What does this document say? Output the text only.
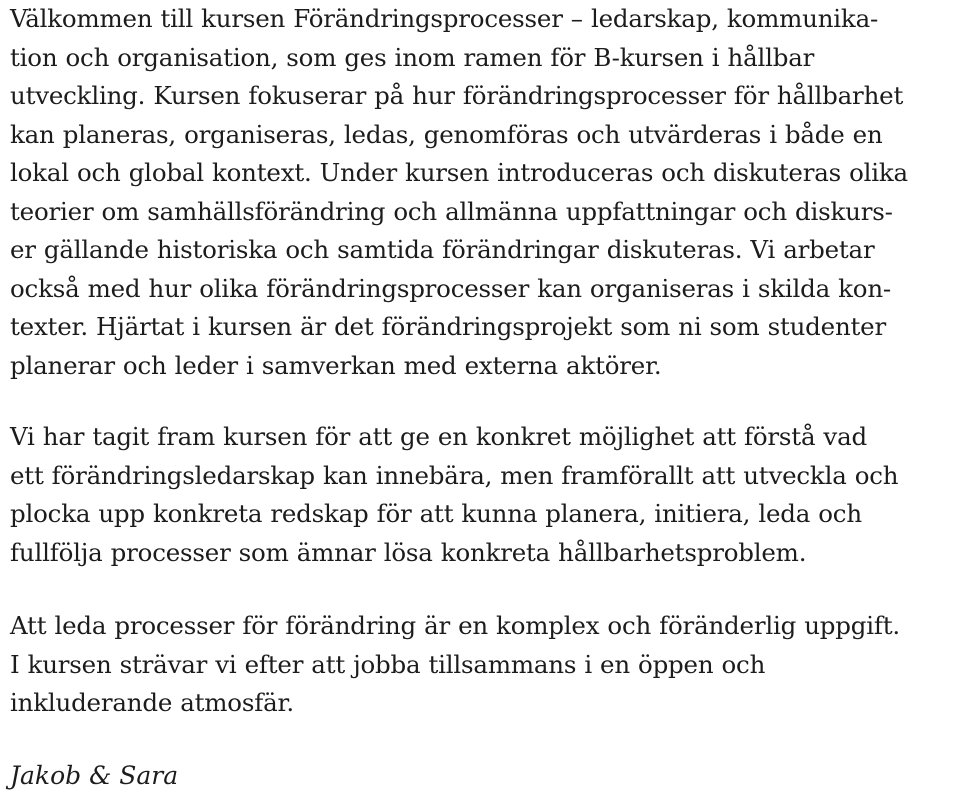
Välkommen till kursen Förändringsprocesser – ledarskap, kommunika-
tion och organisation, som ges inom ramen för B-kursen i hållbar
utveckling. Kursen fokuserar på hur förändringsprocesser för hållbarhet
kan planeras, organiseras, ledas, genomföras och utvärderas i både en
lokal och global kontext. Under kursen introduceras och diskuteras olika
teorier om samhällsförändring och allmänna uppfattningar och diskurs-
er gällande historiska och samtida förändringar diskuteras. Vi arbetar
också med hur olika förändringsprocesser kan organiseras i skilda kon-
texter. Hjärtat i kursen är det förändringsprojekt som ni som studenter
planerar och leder i samverkan med externa aktörer.

Vi har tagit fram kursen för att ge en konkret möjlighet att förstå vad
ett förändringsledarskap kan innebära, men framförallt att utveckla och
plocka upp konkreta redskap för att kunna planera, initiera, leda och
fullfölja processer som ämnar lösa konkreta hållbarhetsproblem.

Att leda processer för förändring är en komplex och föränderlig uppgift.
I kursen strävar vi efter att jobba tillsammans i en öppen och
inkluderande atmosfär.

Jakob & Sara
